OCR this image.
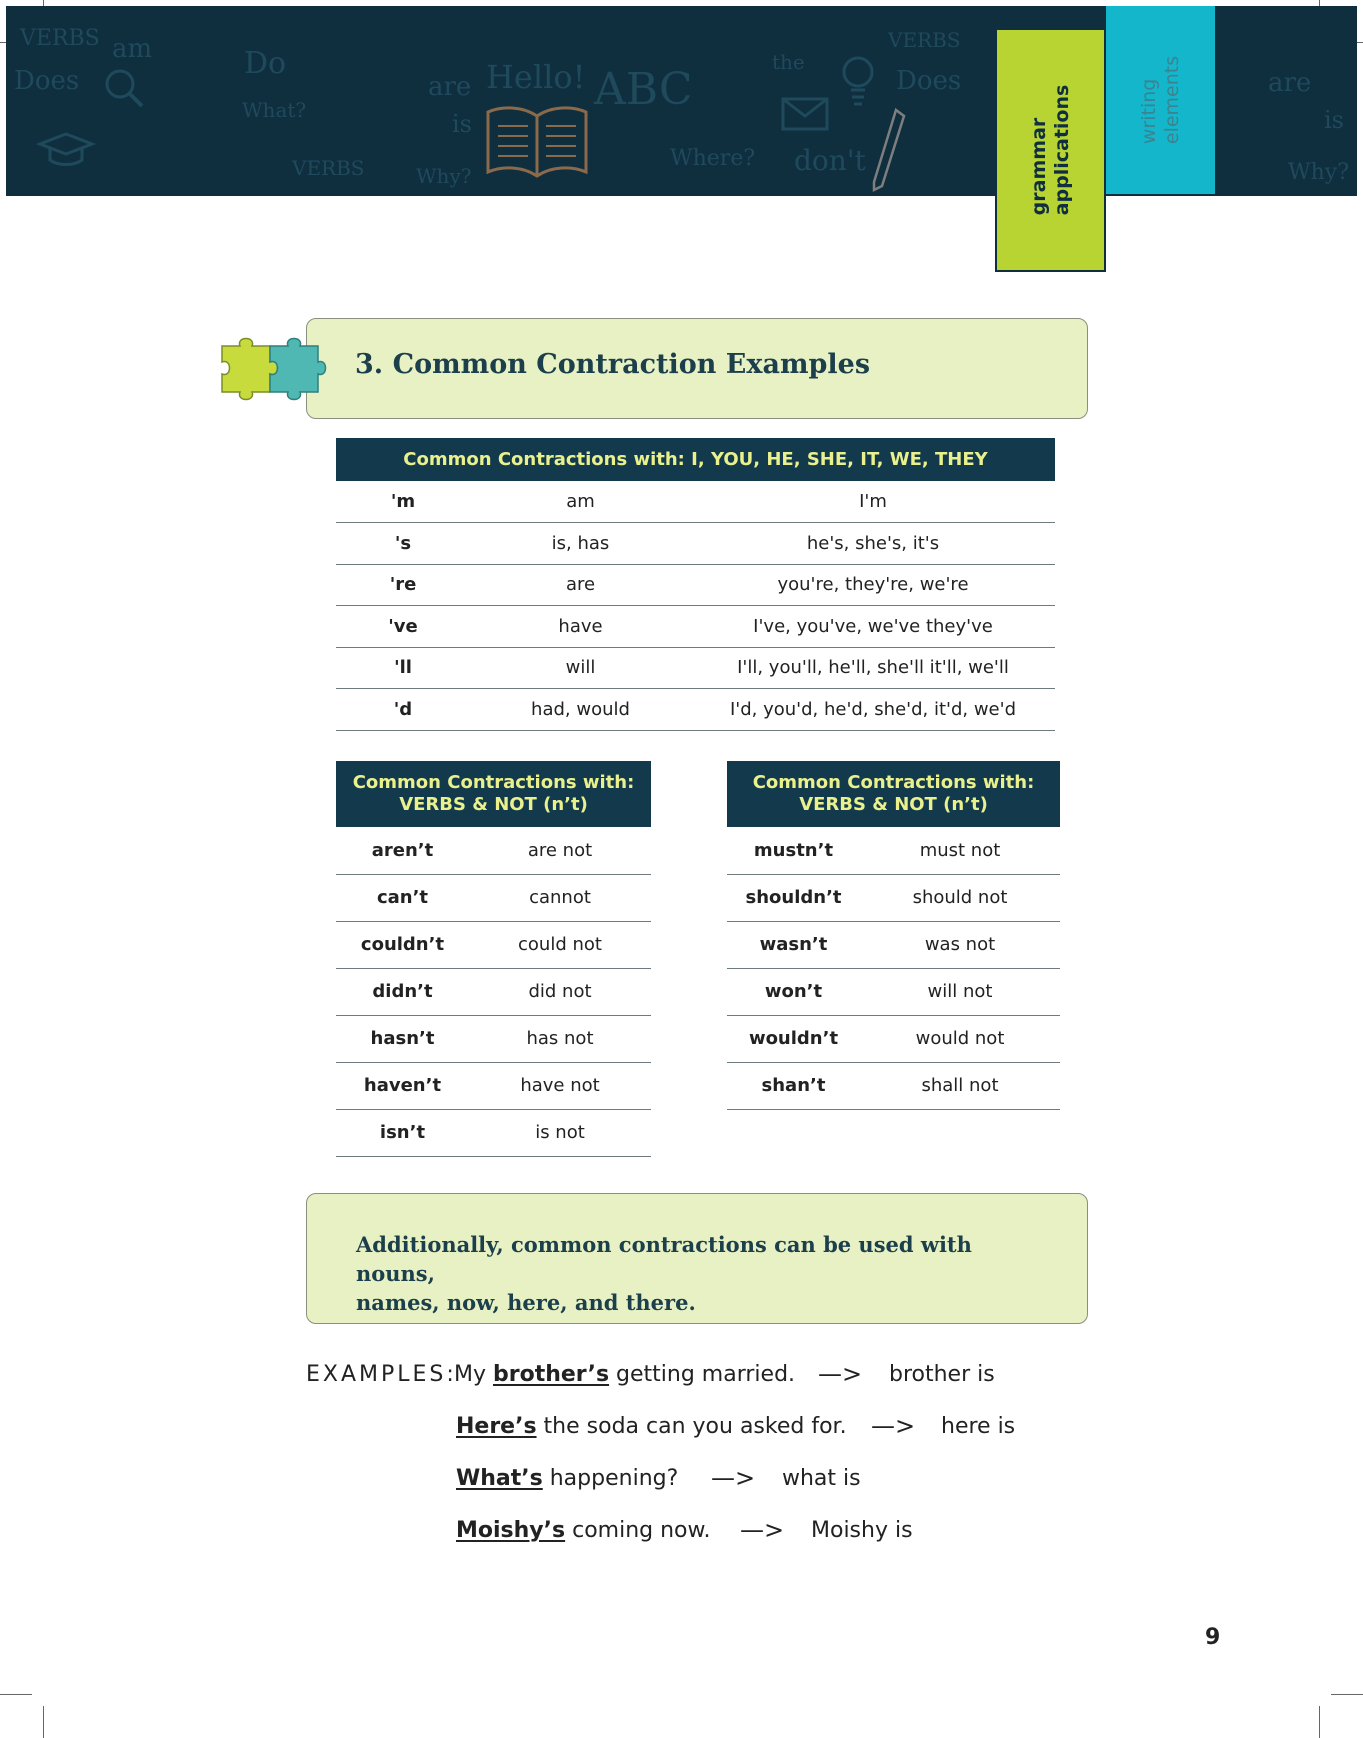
VERBS am
Does	Do
What?
are
is
Hello! ABC
the
Where? don't
VERBS
Does
Why?
are
is
Why?
VERBS	grammar applications	writing elements
3. Common Contraction Examples
Common Contractions with: I, YOU, HE, SHE, IT, WE, THEY		
'm	am	I'm
's	is, has	he's, she's, it's
're	are	you're, they're, we're
've	have	I've, you've, we've they've
'll	will	I'll, you'll, he'll, she'll it'll, we'll
'd	had, would	I'd, you'd, he'd, she'd, it'd, we'd
Common Contractions with:
VERBS & NOT (n’t)	

aren’t	are not
can’t	cannot
couldn’t	could not
didn’t	did not
hasn’t	has not
haven’t	have not
isn’t	is not
Common Contractions with:
VERBS & NOT (n’t)	

mustn’t	must not
shouldn’t	should not
wasn’t	was not
won’t	will not
wouldn’t	would not
shan’t	shall not
Additionally, common contractions can be used with nouns,
names, now, here, and there.
EXAMPLES:
My brother’s getting married. —> brother is
Here’s the soda can you asked for. —> here is
What’s happening? —> what is
Moishy’s coming now. —> Moishy is
9
